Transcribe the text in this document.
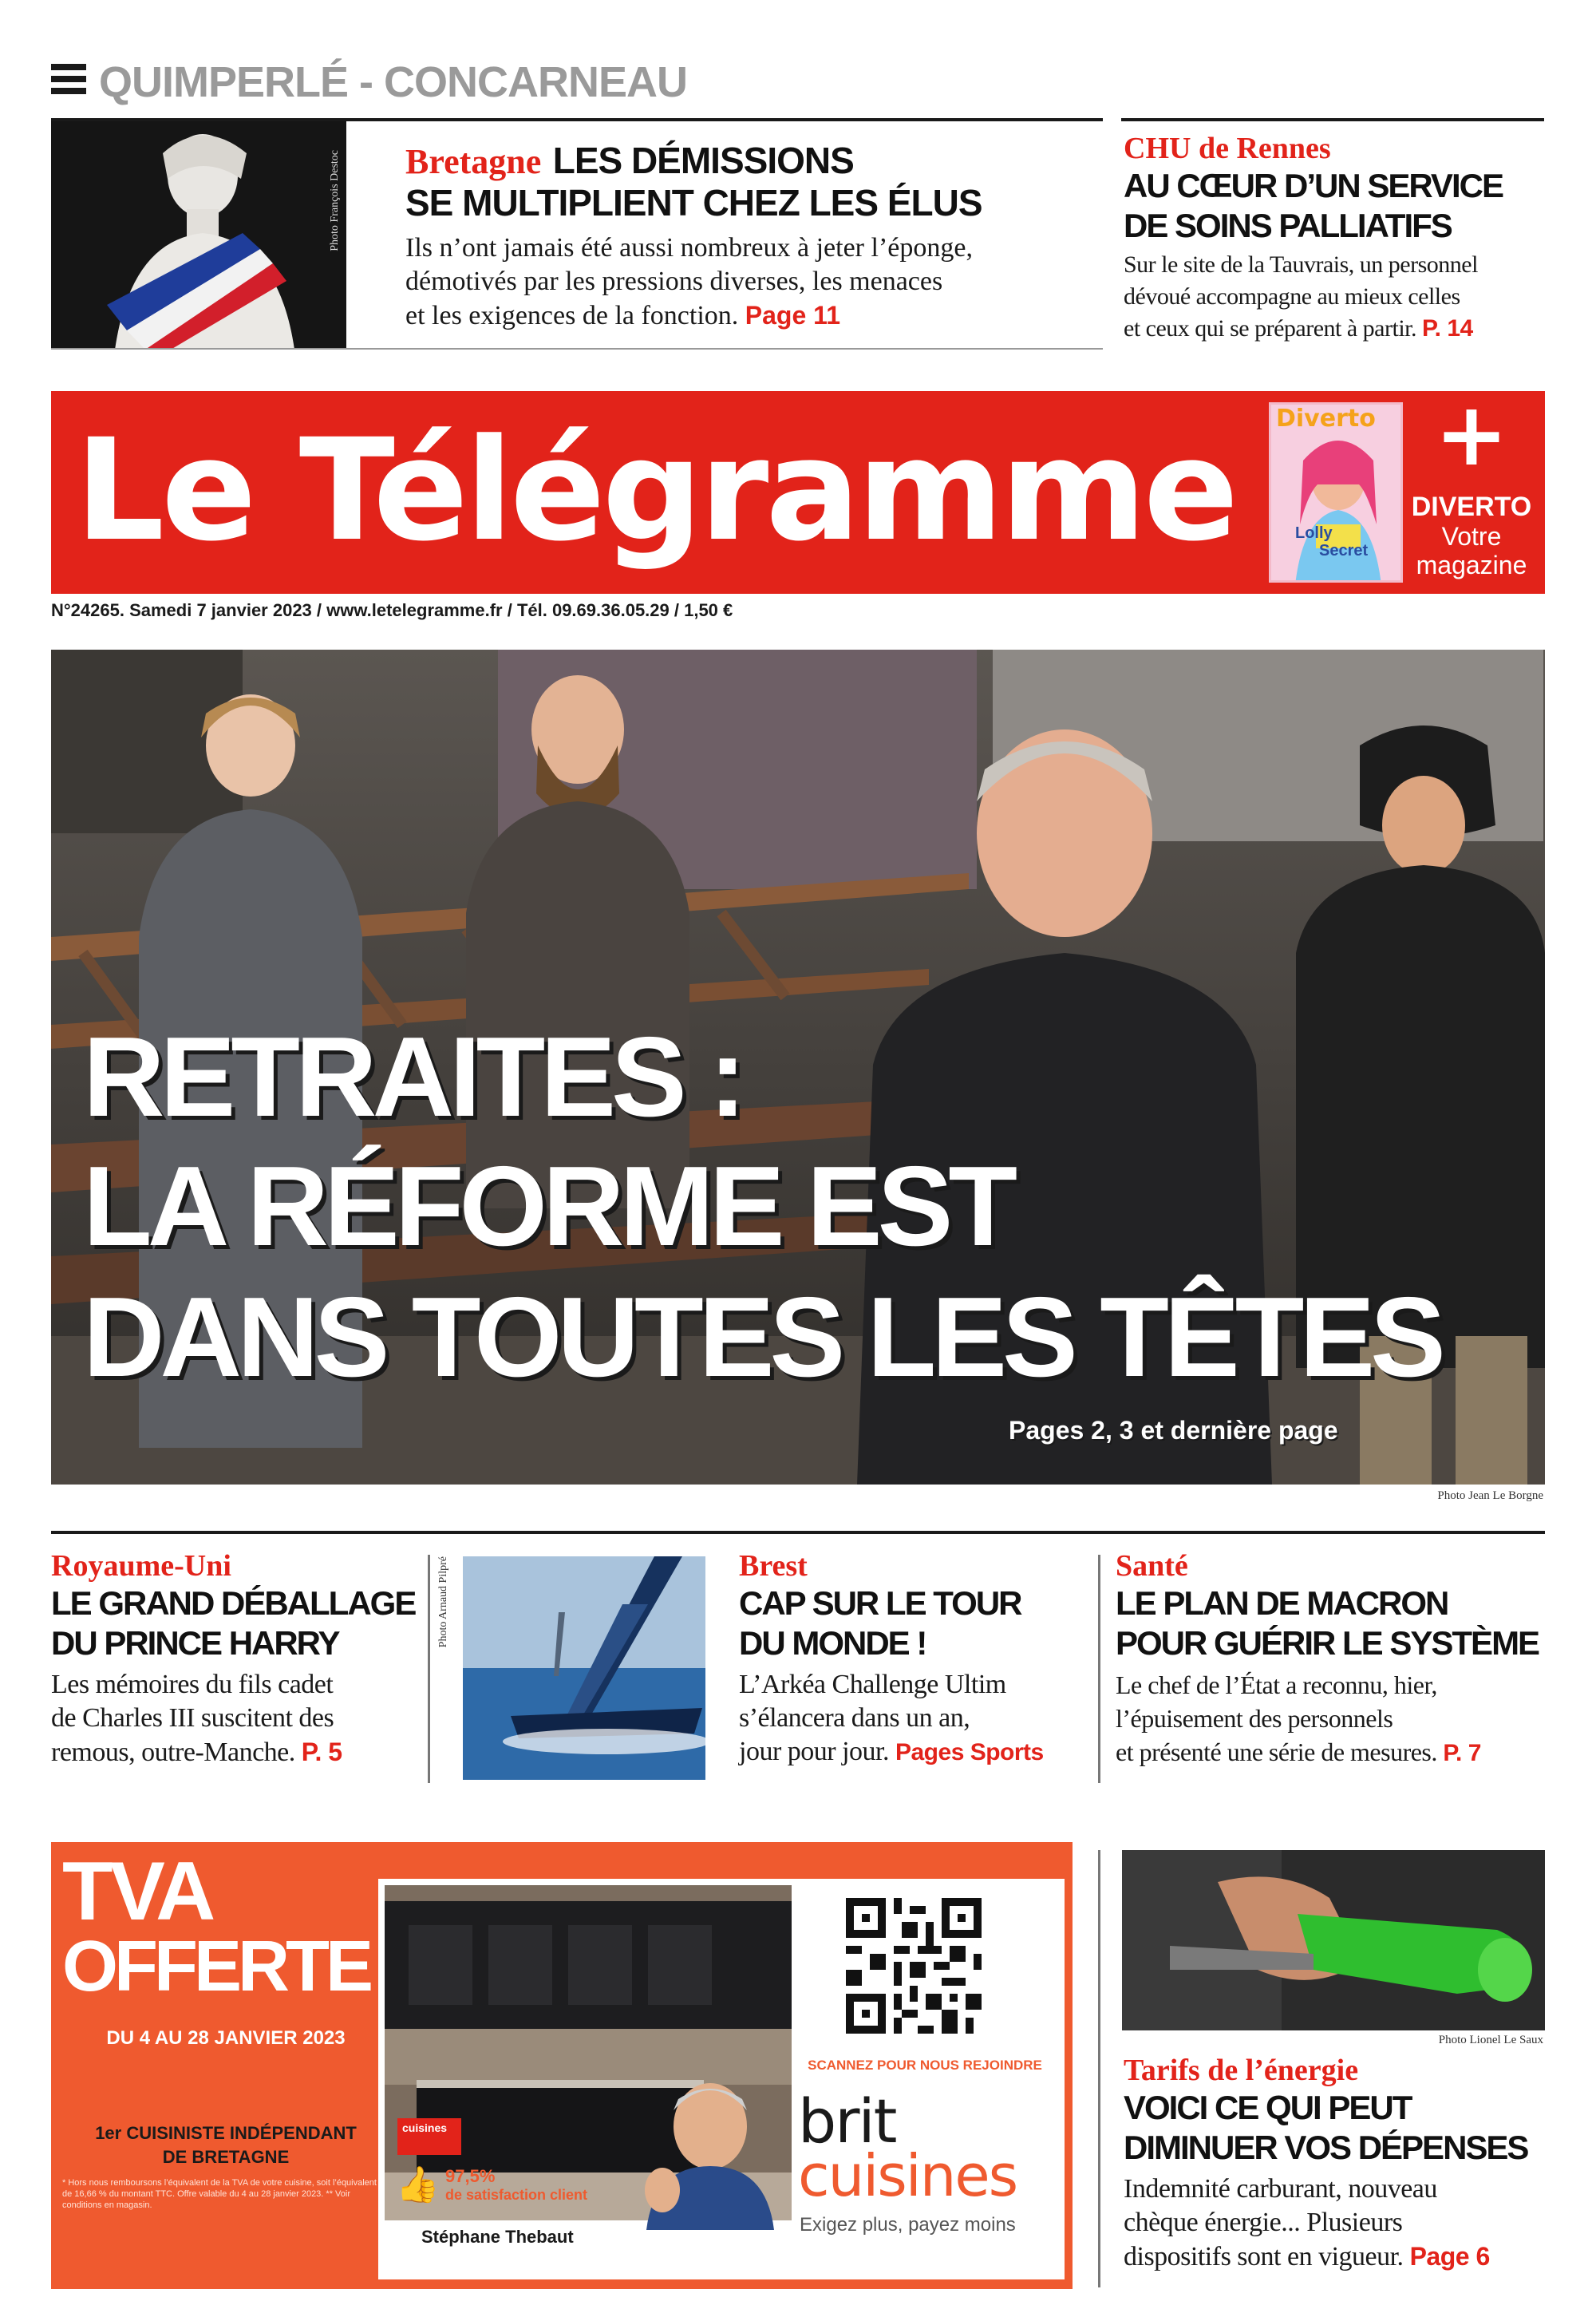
QUIMPERLÉ - CONCARNEAU
Photo François Destoc Bretagne LES DÉMISSIONS
SE MULTIPLIENT CHEZ LES ÉLUS
Ils n’ont jamais été aussi nombreux à jeter l’éponge,
démotivés par les pressions diverses, les menaces
et les exigences de la fonction. Page 11
CHU de Rennes
AU CŒUR D’UN SERVICE
DE SOINS PALLIATIFS
Sur le site de la Tauvrais, un personnel
dévoué accompagne au mieux celles
et ceux qui se préparent à partir. P. 14
Le Télégramme Diverto
Lolly
Secret
+
DIVERTO
Votre
magazine
N°24265. Samedi 7 janvier 2023 / www.letelegramme.fr / Tél. 09.69.36.05.29 / 1,50 €
RETRAITES :
LA RÉFORME EST
DANS TOUTES LES TÊTES
Pages 2, 3 et dernière page
Photo Jean Le Borgne
Royaume-Uni
LE GRAND DÉBALLAGE
DU PRINCE HARRY
Les mémoires du fils cadet
de Charles III suscitent des
remous, outre-Manche. P. 5
Photo Arnaud Pilpré	Brest
CAP SUR LE TOUR
DU MONDE !
L’Arkéa Challenge Ultim
s’élancera dans un an,
jour pour jour. Pages Sports
Santé
LE PLAN DE MACRON
POUR GUÉRIR LE SYSTÈME
Le chef de l’État a reconnu, hier,
l’épuisement des personnels
et présenté une série de mesures. P. 7
TVA
OFFERTE
DU 4 AU 28 JANVIER 2023
1er CUISINISTE INDÉPENDANT
DE BRETAGNE
* Hors nous remboursons l’équivalent de la TVA de votre cuisine, soit l’équivalent de 16,66 % du montant TTC. Offre valable du 4 au 28 janvier 2023. ** Voir conditions en magasin.
cuisines
👍 97,5%
de satisfaction client
Stéphane Thebaut
SCANNEZ POUR NOUS REJOINDRE
brit
cuisines
Exigez plus, payez moins
Photo Lionel Le Saux
Tarifs de l’énergie
VOICI CE QUI PEUT
DIMINUER VOS DÉPENSES
Indemnité carburant, nouveau
chèque énergie... Plusieurs
dispositifs sont en vigueur. Page 6
